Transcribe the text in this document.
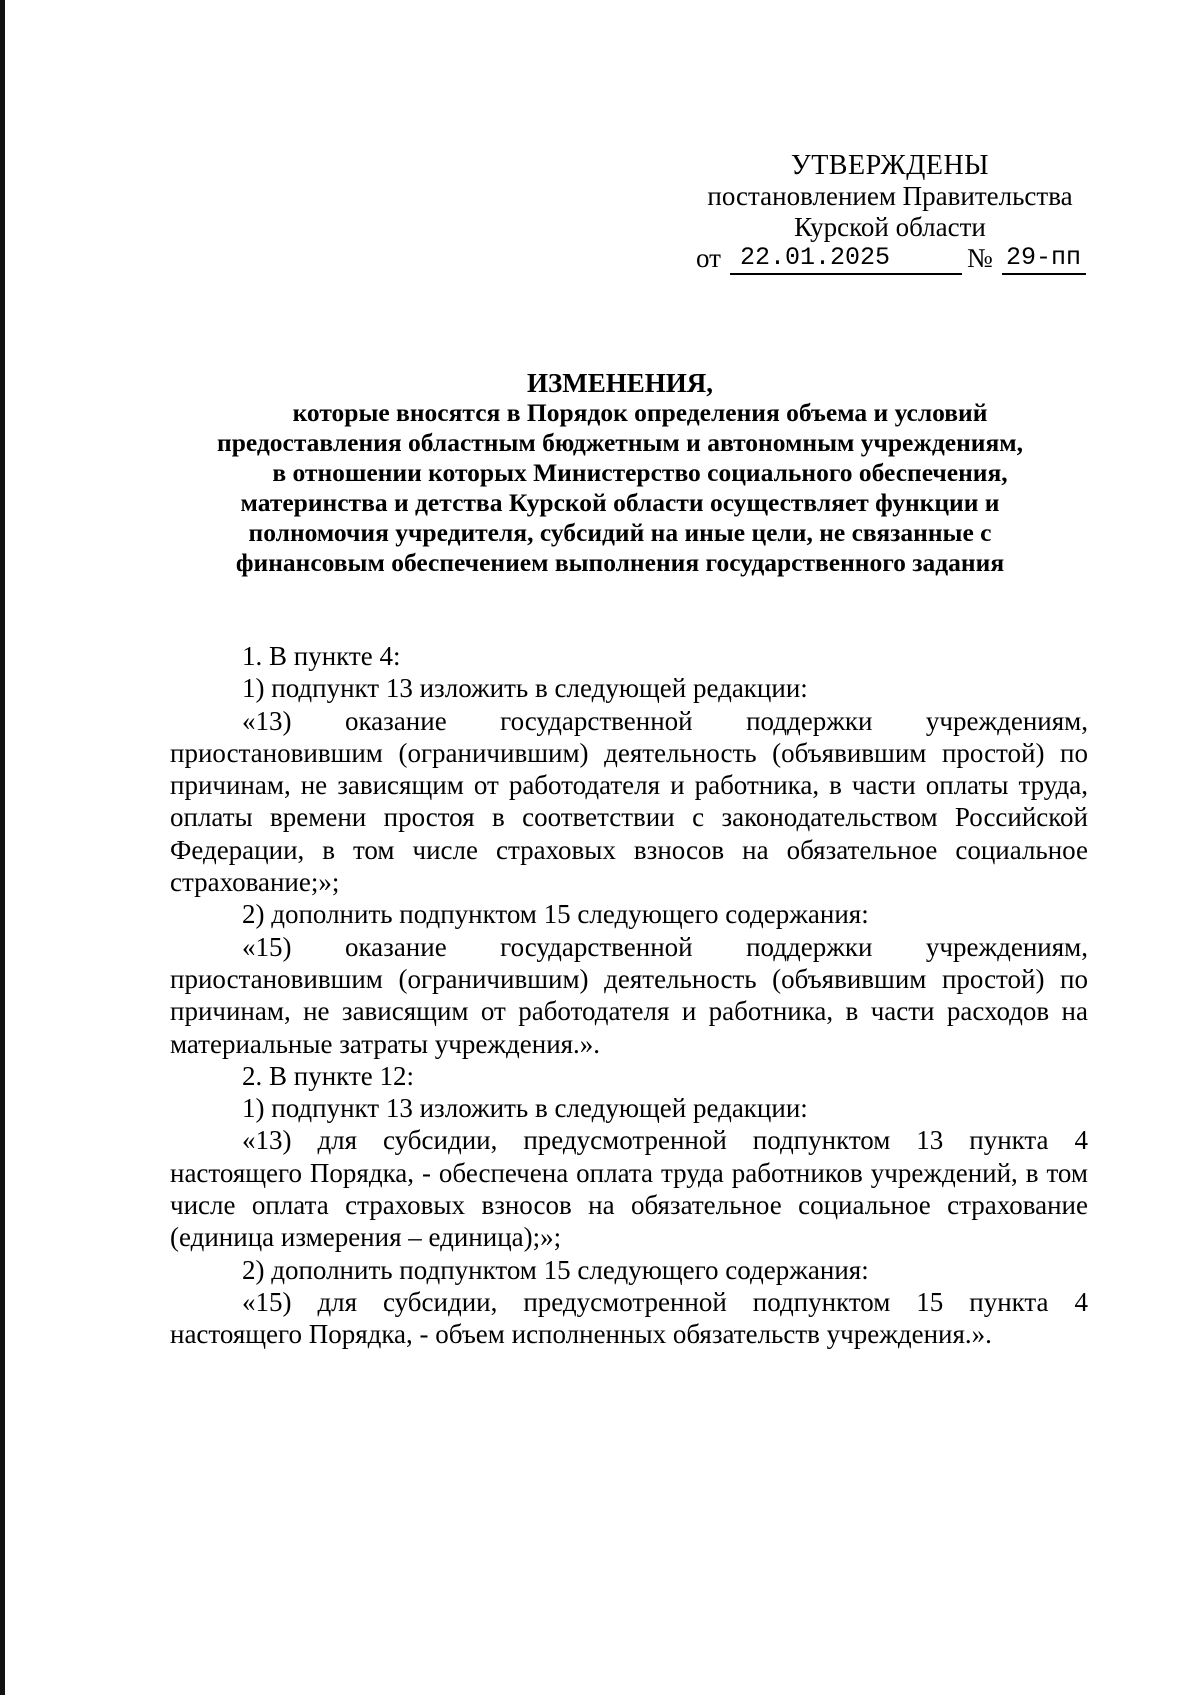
УТВЕРЖДЕНЫ
постановлением Правительства
Курской области
от 22.01.2025	№ 29-пп
ИЗМЕНЕНИЯ,
которые вносятся в Порядок определения объема и условий
предоставления областным бюджетным и автономным учреждениям,
в отношении которых Министерство социального обеспечения,
материнства и детства Курской области осуществляет функции и
полномочия учредителя, субсидий на иные цели, не связанные с
финансовым обеспечением выполнения государственного задания

1. В пункте 4:

1) подпункт 13 изложить в следующей редакции:

«13) оказание государственной поддержки учреждениям, приостановившим (ограничившим) деятельность (объявившим простой) по причинам, не зависящим от работодателя и работника, в части оплаты труда, оплаты времени простоя в соответствии с законодательством Российской Федерации, в том числе страховых взносов на обязательное социальное страхование;»;

2) дополнить подпунктом 15 следующего содержания:

«15) оказание государственной поддержки учреждениям, приостановившим (ограничившим) деятельность (объявившим простой) по причинам, не зависящим от работодателя и работника, в части расходов на материальные затраты учреждения.».

2. В пункте 12:

1) подпункт 13 изложить в следующей редакции:

«13) для субсидии, предусмотренной подпунктом 13 пункта 4 настоящего Порядка, - обеспечена оплата труда работников учреждений, в том числе оплата страховых взносов на обязательное социальное страхование (единица измерения – единица);»;

2) дополнить подпунктом 15 следующего содержания:

«15) для субсидии, предусмотренной подпунктом 15 пункта 4 настоящего Порядка, - объем исполненных обязательств учреждения.».
